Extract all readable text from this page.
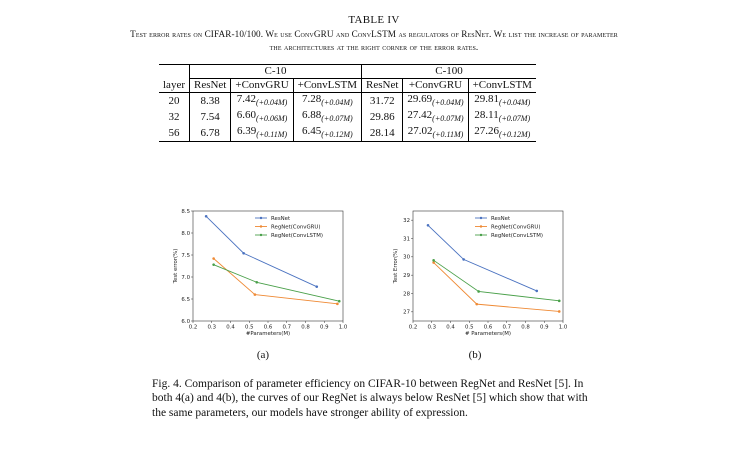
TABLE IV
Test error rates on CIFAR-10/100. We use ConvGRU and ConvLSTM as regulators of ResNet. We list the increase of parameter
the architectures at the right corner of the error rates.
	C-10			C-100		
layer	ResNet	+ConvGRU	+ConvLSTM	ResNet	+ConvGRU	+ConvLSTM
20	8.38	$7.42_{(+0.04M)}$	$7.28_{(+0.04M)}$	31.72	$29.69_{(+0.04M)}$	$29.81_{(+0.04M)}$
32	7.54	$6.60_{(+0.06M)}$	$6.88_{(+0.07M)}$	29.86	$27.42_{(+0.07M)}$	$28.11_{(+0.07M)}$
56	6.78	$6.39_{(+0.11M)}$	$6.45_{(+0.12M)}$	28.14	$27.02_{(+0.11M)}$	$27.26_{(+0.12M)}$
0.2 0.3 0.4 0.5 0.6 0.7 0.8 0.9 1.0
6.0
6.5
7.0
7.5
8.0
8.5
#Parameters(M)
Test error(%)
ResNet
RegNet(ConvGRU)
RegNet(ConvLSTM)
0.2 0.3 0.4 0.5 0.6 0.7 0.8 0.9 1.0
27
28
29
30
31
32
# Parameters(M)
Test Error(%)
ResNet
RegNet(ConvGRU)
RegNet(ConvLSTM)
(a)	(b)
Fig. 4. Comparison of parameter efficiency on CIFAR-10 between RegNet and ResNet [5]. In both 4(a) and 4(b), the curves of our RegNet is always below ResNet [5] which show that with the same parameters, our models have stronger ability of expression.
